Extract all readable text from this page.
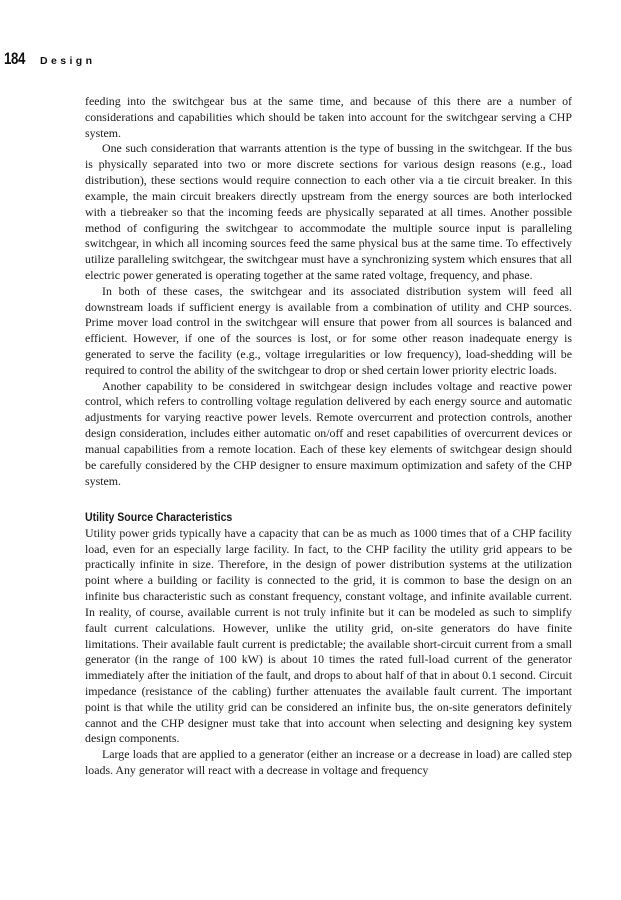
184 Design

feeding into the switchgear bus at the same time, and because of this there are a number of considerations and capabilities which should be taken into account for the switchgear serving a CHP system.

One such consideration that warrants attention is the type of bussing in the switchgear. If the bus is physically separated into two or more discrete sections for various design reasons (e.g., load distribution), these sections would require connection to each other via a tie circuit breaker. In this example, the main circuit breakers directly upstream from the energy sources are both interlocked with a tiebreaker so that the incoming feeds are physically separated at all times. Another possible method of configuring the switchgear to accommodate the multiple source input is paralleling switchgear, in which all incoming sources feed the same physical bus at the same time. To effectively utilize paralleling switchgear, the switchgear must have a synchronizing system which ensures that all electric power generated is operating together at the same rated voltage, frequency, and phase.

In both of these cases, the switchgear and its associated distribution system will feed all downstream loads if sufficient energy is available from a combination of utility and CHP sources. Prime mover load control in the switchgear will ensure that power from all sources is balanced and efficient. However, if one of the sources is lost, or for some other reason inadequate energy is generated to serve the facility (e.g., voltage irregularities or low frequency), load-shedding will be required to control the ability of the switchgear to drop or shed certain lower priority electric loads.

Another capability to be considered in switchgear design includes voltage and reactive power control, which refers to controlling voltage regulation delivered by each energy source and automatic adjustments for varying reactive power levels. Remote overcurrent and protection controls, another design consideration, includes either automatic on/off and reset capabilities of overcurrent devices or manual capabilities from a remote location. Each of these key elements of switchgear design should be carefully considered by the CHP designer to ensure maximum optimization and safety of the CHP system.

Utility Source Characteristics

Utility power grids typically have a capacity that can be as much as 1000 times that of a CHP facility load, even for an especially large facility. In fact, to the CHP facility the utility grid appears to be practically infinite in size. Therefore, in the design of power distribution systems at the utilization point where a building or facility is connected to the grid, it is common to base the design on an infinite bus characteristic such as constant frequency, constant voltage, and infinite available current. In reality, of course, available current is not truly infinite but it can be modeled as such to simplify fault current calculations. However, unlike the utility grid, on-site generators do have finite limitations. Their available fault current is predictable; the available short-circuit current from a small generator (in the range of 100 kW) is about 10 times the rated full-load current of the generator immediately after the initiation of the fault, and drops to about half of that in about 0.1 second. Circuit impedance (resistance of the cabling) further attenuates the available fault current. The important point is that while the utility grid can be considered an infinite bus, the on-site generators definitely cannot and the CHP designer must take that into account when selecting and designing key system design components.

Large loads that are applied to a generator (either an increase or a decrease in load) are called step loads. Any generator will react with a decrease in voltage and frequency
